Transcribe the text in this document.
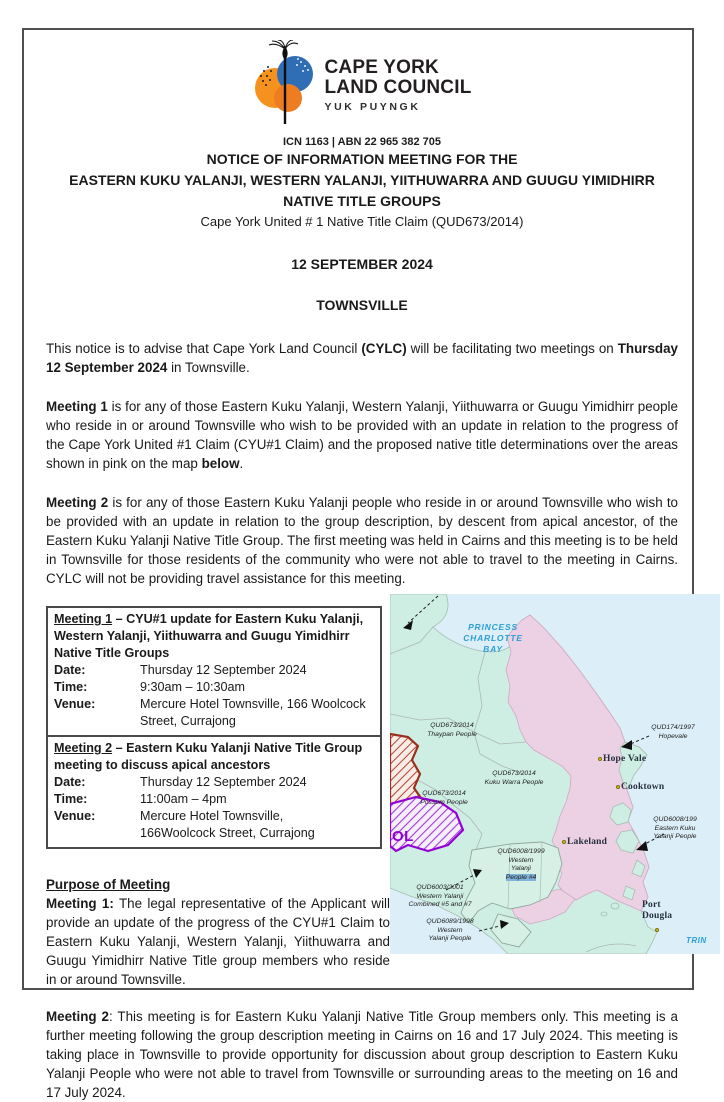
CAPE YORK
LAND COUNCIL
YUK PUYNGK
ICN 1163 | ABN 22 965 382 705
NOTICE OF INFORMATION MEETING FOR THE
EASTERN KUKU YALANJI, WESTERN YALANJI, YIITHUWARRA AND GUUGU YIMIDHIRR
NATIVE TITLE GROUPS
Cape York United # 1 Native Title Claim (QUD673/2014)
12 SEPTEMBER 2024
TOWNSVILLE

This notice is to advise that Cape York Land Council (CYLC) will be facilitating two meetings on Thursday 12 September 2024 in Townsville.

Meeting 1 is for any of those Eastern Kuku Yalanji, Western Yalanji, Yiithuwarra or Guugu Yimidhirr people who reside in or around Townsville who wish to be provided with an update in relation to the progress of the Cape York United #1 Claim (CYU#1 Claim) and the proposed native title determinations over the areas shown in pink on the map below.

Meeting 2 is for any of those Eastern Kuku Yalanji people who reside in or around Townsville who wish to be provided with an update in relation to the group description, by descent from apical ancestor, of the Eastern Kuku Yalanji Native Title Group. The first meeting was held in Cairns and this meeting is to be held in Townsville for those residents of the community who were not able to travel to the meeting in Cairns. CYLC will not be providing travel assistance for this meeting.

Meeting 1 – CYU#1 update for Eastern Kuku Yalanji, Western Yalanji, Yiithuwarra and Guugu Yimidhirr Native Title Groups
Date:	Thursday 12 September 2024
Time:	9:30am – 10:30am
Venue:	Mercure Hotel Townsville, 166 Woolcock Street, Currajong
Meeting 2 – Eastern Kuku Yalanji Native Title Group meeting to discuss apical ancestors
Date:	Thursday 12 September 2024
Time:	11:00am – 4pm
Venue:	Mercure Hotel Townsville,
166Woolcock Street, Currajong
Purpose of Meeting

Meeting 1: The legal representative of the Applicant will provide an update of the progress of the CYU#1 Claim to Eastern Kuku Yalanji, Western Yalanji, Yiithuwarra and Guugu Yimidhirr Native Title group members who reside in or around Townsville.

PRINCESS
CHARLOTTE
BAY
TRIN
OL
QUD673/2014
Thaypan People
QUD673/2014
Possum People
QUD673/2014
Kuku Warra People
QUD6008/1999
Western
Yalanji
People #4
QUD6003/2001
Western Yalanji
Combined #5 and #7
QUD6089/1998
Western
Yalanji People
QUD174/1997
Hopevale
QUD6008/199
Eastern Kuku
Yalanji People
Hope Vale
Cooktown
Lakeland
Port
Dougla

Meeting 2: This meeting is for Eastern Kuku Yalanji Native Title Group members only. This meeting is a further meeting following the group description meeting in Cairns on 16 and 17 July 2024. This meeting is taking place in Townsville to provide opportunity for discussion about group description to Eastern Kuku Yalanji People who were not able to travel from Townsville or surrounding areas to the meeting on 16 and 17 July 2024.
